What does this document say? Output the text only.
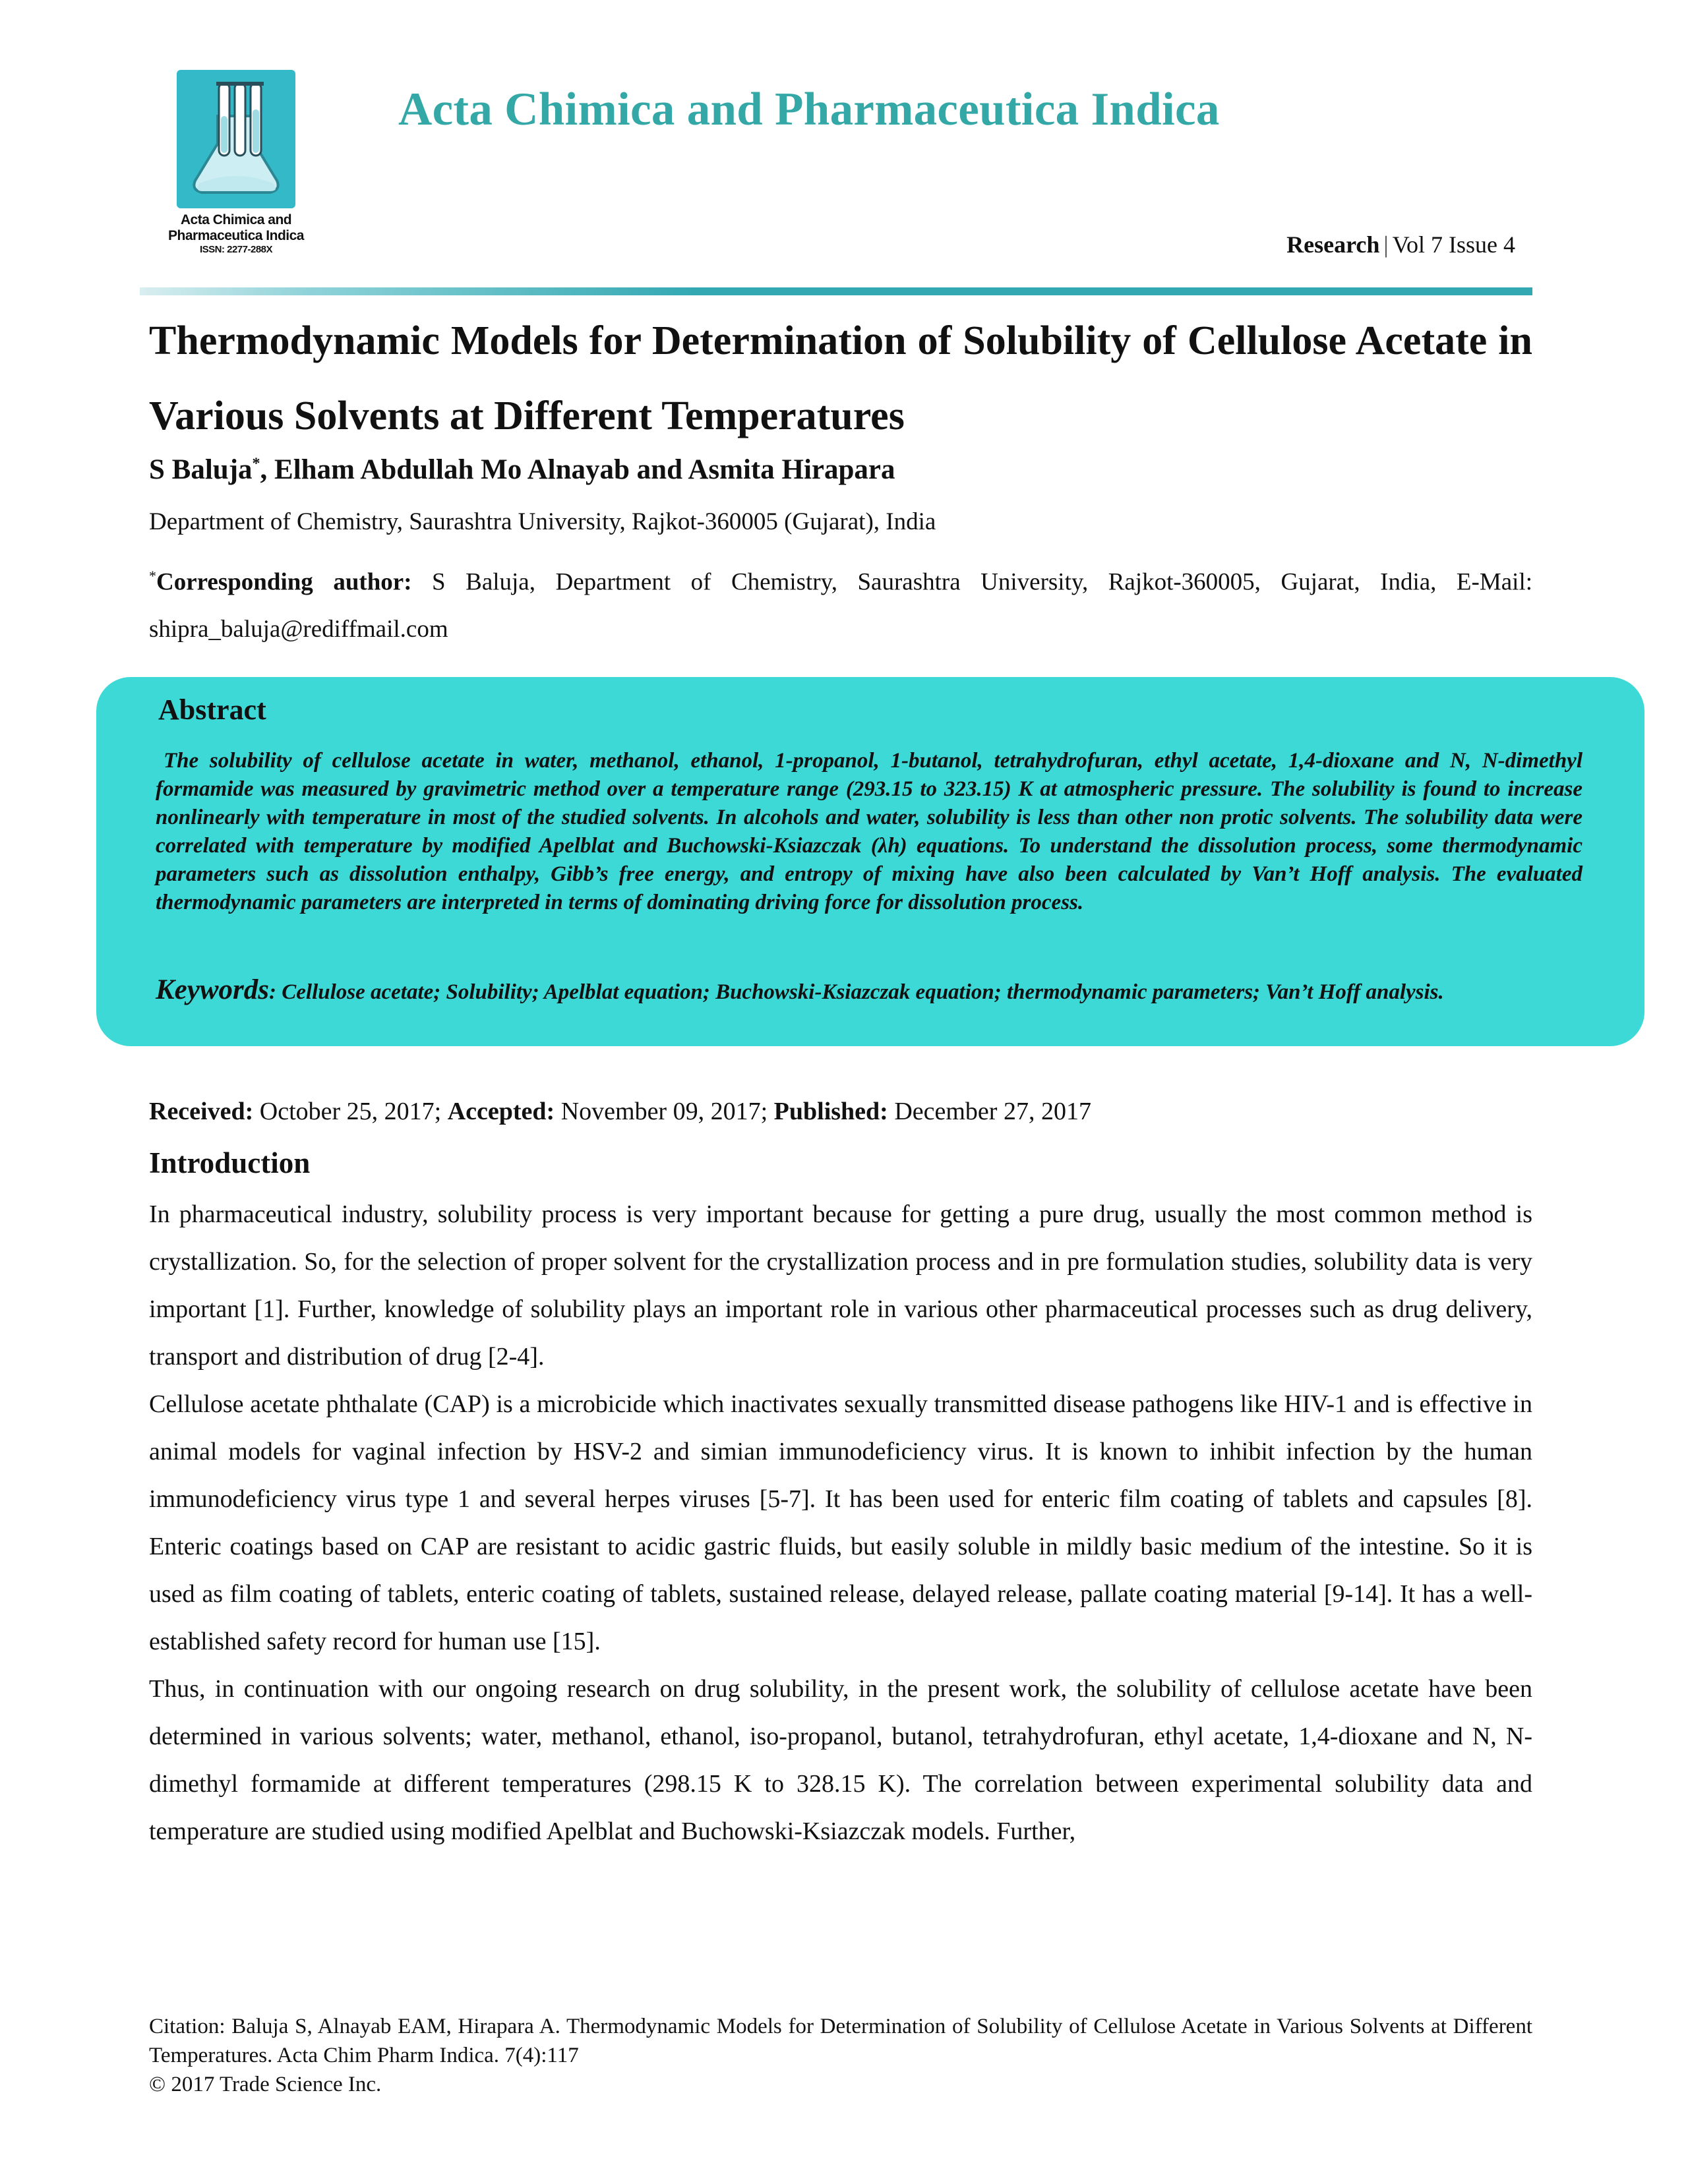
Acta Chimica and
Pharmaceutica Indica
ISSN: 2277-288X
Acta Chimica and Pharmaceutica Indica
Research | Vol 7 Issue 4
Thermodynamic Models for Determination of Solubility of Cellulose Acetate in Various Solvents at Different Temperatures
S Baluja*, Elham Abdullah Mo Alnayab and Asmita Hirapara
Department of Chemistry, Saurashtra University, Rajkot-360005 (Gujarat), India
*Corresponding author: S Baluja, Department of Chemistry, Saurashtra University, Rajkot-360005, Gujarat, India, E-Mail: shipra_baluja@rediffmail.com
Abstract

The solubility of cellulose acetate in water, methanol, ethanol, 1-propanol, 1-butanol, tetrahydrofuran, ethyl acetate, 1,4-dioxane and N, N-dimethyl formamide was measured by gravimetric method over a temperature range (293.15 to 323.15) K at atmospheric pressure. The solubility is found to increase nonlinearly with temperature in most of the studied solvents. In alcohols and water, solubility is less than other non protic solvents. The solubility data were correlated with temperature by modified Apelblat and Buchowski-Ksiazczak (λh) equations. To understand the dissolution process, some thermodynamic parameters such as dissolution enthalpy, Gibb’s free energy, and entropy of mixing have also been calculated by Van’t Hoff analysis. The evaluated thermodynamic parameters are interpreted in terms of dominating driving force for dissolution process.

Keywords: Cellulose acetate; Solubility; Apelblat equation; Buchowski-Ksiazczak equation; thermodynamic parameters; Van’t Hoff analysis.
Received: October 25, 2017; Accepted: November 09, 2017; Published: December 27, 2017
Introduction

In pharmaceutical industry, solubility process is very important because for getting a pure drug, usually the most common method is crystallization. So, for the selection of proper solvent for the crystallization process and in pre formulation studies, solubility data is very important [1]. Further, knowledge of solubility plays an important role in various other pharmaceutical processes such as drug delivery, transport and distribution of drug [2-4].

Cellulose acetate phthalate (CAP) is a microbicide which inactivates sexually transmitted disease pathogens like HIV-1 and is effective in animal models for vaginal infection by HSV-2 and simian immunodeficiency virus. It is known to inhibit infection by the human immunodeficiency virus type 1 and several herpes viruses [5-7]. It has been used for enteric film coating of tablets and capsules [8]. Enteric coatings based on CAP are resistant to acidic gastric fluids, but easily soluble in mildly basic medium of the intestine. So it is used as film coating of tablets, enteric coating of tablets, sustained release, delayed release, pallate coating material [9-14]. It has a well-established safety record for human use [15].

Thus, in continuation with our ongoing research on drug solubility, in the present work, the solubility of cellulose acetate have been determined in various solvents; water, methanol, ethanol, iso-propanol, butanol, tetrahydrofuran, ethyl acetate, 1,4-dioxane and N, N- dimethyl formamide at different temperatures (298.15 K to 328.15 K). The correlation between experimental solubility data and temperature are studied using modified Apelblat and Buchowski-Ksiazczak models. Further,

Citation: Baluja S, Alnayab EAM, Hirapara A. Thermodynamic Models for Determination of Solubility of Cellulose Acetate in Various Solvents at Different Temperatures. Acta Chim Pharm Indica. 7(4):117
© 2017 Trade Science Inc.
